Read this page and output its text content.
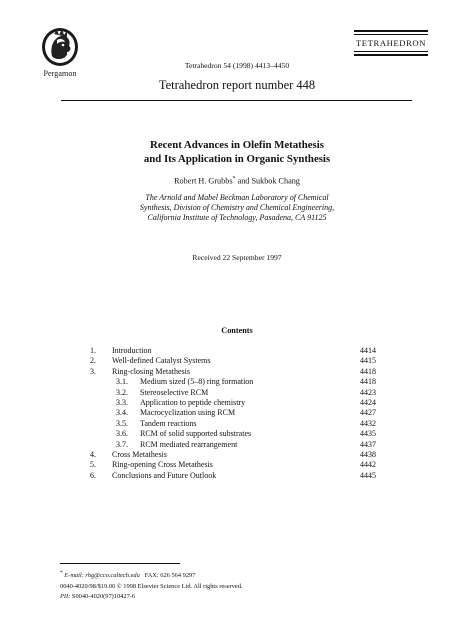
Pergamon
Tetrahedron 54 (1998) 4413–4450
Tetrahedron report number 448
TETRAHEDRON
Recent Advances in Olefin Metathesis
and Its Application in Organic Synthesis
Robert H. Grubbs* and Sukbok Chang
The Arnold and Mabel Beckman Laboratory of Chemical
Synthesis, Division of Chemistry and Chemical Engineering,
California Institute of Technology, Pasadena, CA 91125
Received 22 September 1997
Contents
1. Introduction	4414
2. Well-defined Catalyst Systems	4415
3. Ring-closing Metathesis	4418
3.1. Medium sized (5–8) ring formation	4418
3.2. Stereoselective RCM	4423
3.3. Application to peptide chemistry	4424
3.4. Macrocyclization using RCM	4427
3.5. Tandem reactions	4432
3.6. RCM of solid supported substrates	4435
3.7. RCM mediated rearrangement	4437
4. Cross Metathesis	4438
5. Ring-opening Cross Metathesis	4442
6. Conclusions and Future Outlook	4445
* E-mail: rhg@cco.caltech.edu FAX: 626 564 9297
0040-4020/98/$19.00 © 1998 Elsevier Science Ltd. All rights reserved.
PII: S0040-4020(97)10427-6
